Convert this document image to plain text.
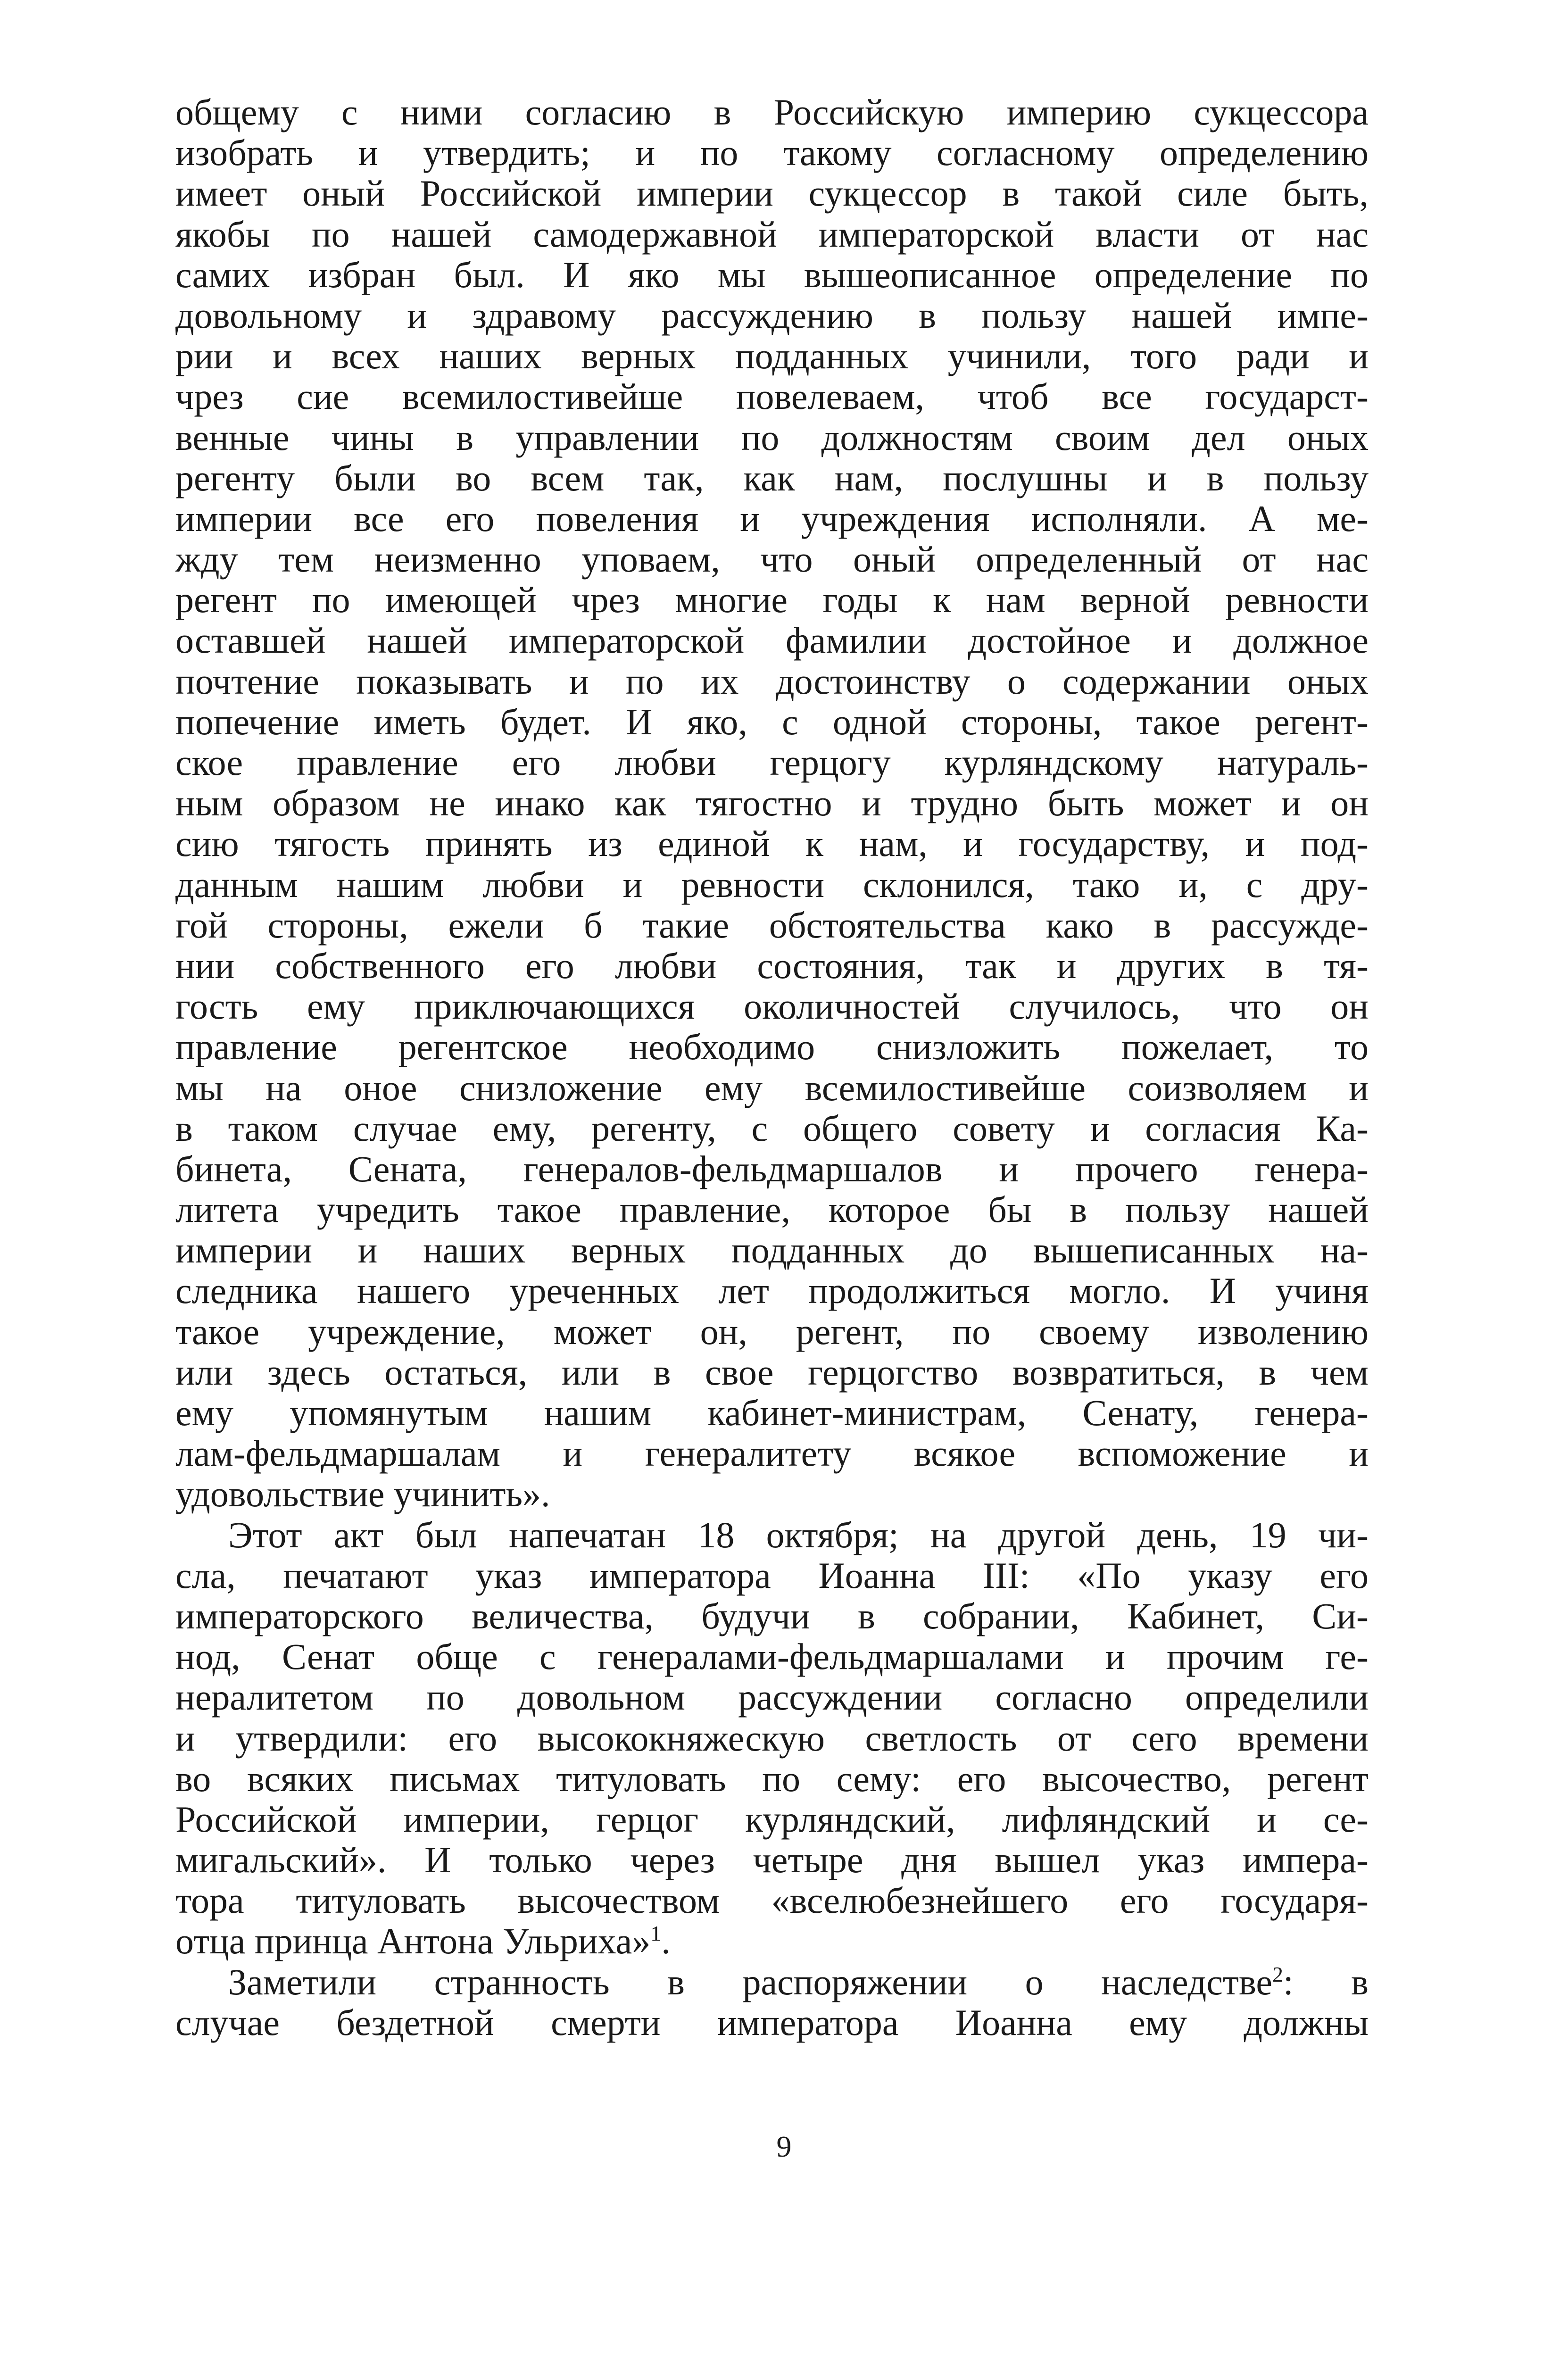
общему с ними согласию в Российскую империю сукцессора
изобрать и утвердить; и по такому согласному определению
имеет оный Российской империи сукцессор в такой силе быть,
якобы по нашей самодержавной императорской власти от нас
самих избран был. И яко мы вышеописанное определение по
довольному и здравому рассуждению в пользу нашей импе-
рии и всех наших верных подданных учинили, того ради и
чрез сие всемилостивейше повелеваем, чтоб все государст-
венные чины в управлении по должностям своим дел оных
регенту были во всем так, как нам, послушны и в пользу
империи все его повеления и учреждения исполняли. А ме-
жду тем неизменно уповаем, что оный определенный от нас
регент по имеющей чрез многие годы к нам верной ревности
оставшей нашей императорской фамилии достойное и должное
почтение показывать и по их достоинству о содержании оных
попечение иметь будет. И яко, с одной стороны, такое регент-
ское правление его любви герцогу курляндскому натураль-
ным образом не инако как тягостно и трудно быть может и он
сию тягость принять из единой к нам, и государству, и под-
данным нашим любви и ревности склонился, тако и, с дру-
гой стороны, ежели б такие обстоятельства како в рассужде-
нии собственного его любви состояния, так и других в тя-
гость ему приключающихся околичностей случилось, что он
правление регентское необходимо снизложить пожелает, то
мы на оное снизложение ему всемилостивейше соизволяем и
в таком случае ему, регенту, с общего совету и согласия Ка-
бинета, Сената, генералов-фельдмаршалов и прочего генера-
литета учредить такое правление, которое бы в пользу нашей
империи и наших верных подданных до вышеписанных на-
следника нашего уреченных лет продолжиться могло. И учиня
такое учреждение, может он, регент, по своему изволению
или здесь остаться, или в свое герцогство возвратиться, в чем
ему упомянутым нашим кабинет-министрам, Сенату, генера-
лам-фельдмаршалам и генералитету всякое вспоможение и
удовольствие учинить».
Этот акт был напечатан 18 октября; на другой день, 19 чи-
сла, печатают указ императора Иоанна III: «По указу его
императорского величества, будучи в собрании, Кабинет, Си-
нод, Сенат обще с генералами-фельдмаршалами и прочим ге-
нералитетом по довольном рассуждении согласно определили
и утвердили: его высококняжескую светлость от сего времени
во всяких письмах титуловать по сему: его высочество, регент
Российской империи, герцог курляндский, лифляндский и се-
мигальский». И только через четыре дня вышел указ импера-
тора титуловать высочеством «вселюбезнейшего его государя-
отца принца Антона Ульриха»$^1$.
Заметили странность в распоряжении о наследстве$^2$: в
случае бездетной смерти императора Иоанна ему должны
9
